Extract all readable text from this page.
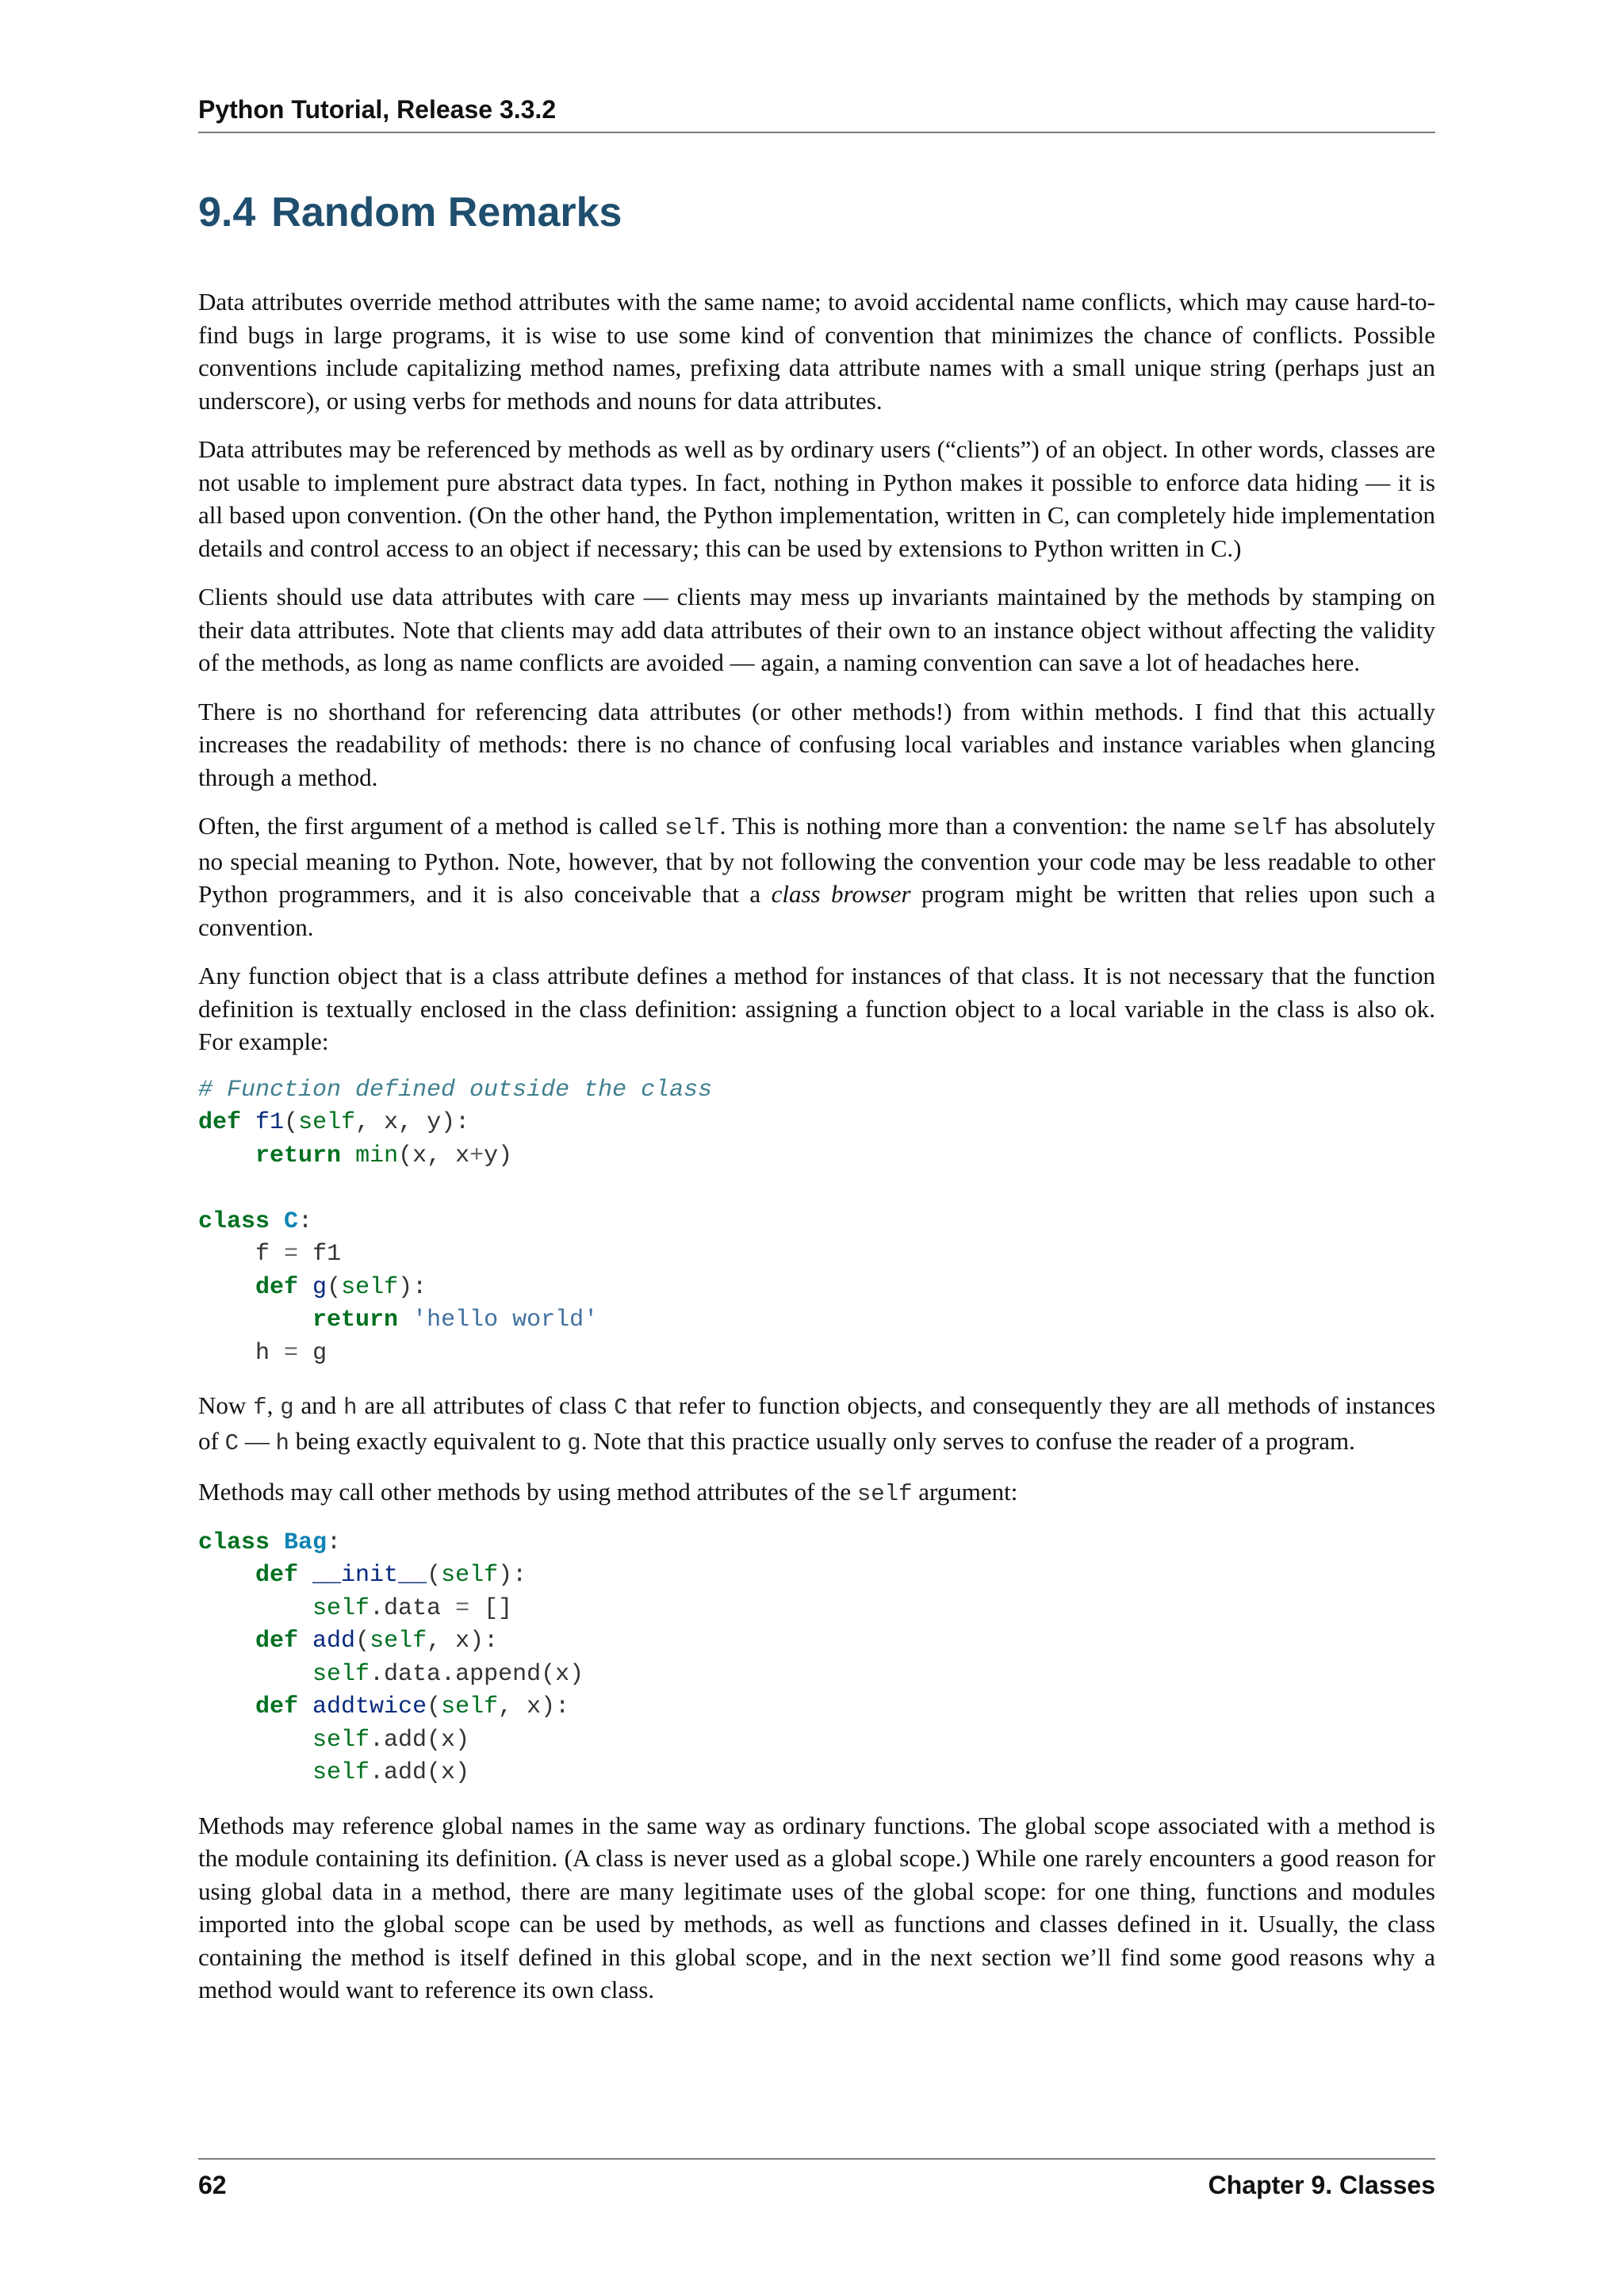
Python Tutorial, Release 3.3.2
9.4 Random Remarks

Data attributes override method attributes with the same name; to avoid accidental name conflicts, which may cause hard-to-find bugs in large programs, it is wise to use some kind of convention that minimizes the chance of conflicts. Possible conventions include capitalizing method names, prefixing data attribute names with a small unique string (perhaps just an underscore), or using verbs for methods and nouns for data attributes.

Data attributes may be referenced by methods as well as by ordinary users (“clients”) of an object. In other words, classes are not usable to implement pure abstract data types. In fact, nothing in Python makes it possible to enforce data hiding — it is all based upon convention. (On the other hand, the Python implementation, written in C, can completely hide implementation details and control access to an object if necessary; this can be used by extensions to Python written in C.)

Clients should use data attributes with care — clients may mess up invariants maintained by the methods by stamping on their data attributes. Note that clients may add data attributes of their own to an instance object without affecting the validity of the methods, as long as name conflicts are avoided — again, a naming convention can save a lot of headaches here.

There is no shorthand for referencing data attributes (or other methods!) from within methods. I find that this actually increases the readability of methods: there is no chance of confusing local variables and instance variables when glancing through a method.

Often, the first argument of a method is called self. This is nothing more than a convention: the name self has absolutely no special meaning to Python. Note, however, that by not following the convention your code may be less readable to other Python programmers, and it is also conceivable that a class browser program might be written that relies upon such a convention.

Any function object that is a class attribute defines a method for instances of that class. It is not necessary that the function definition is textually enclosed in the class definition: assigning a function object to a local variable in the class is also ok. For example:

# Function defined outside the class
def f1(self, x, y):
return min(x, x+y)

class C:
f = f1
def g(self):
return 'hello world'
h = g

Now f, g and h are all attributes of class C that refer to function objects, and consequently they are all methods of instances of C — h being exactly equivalent to g. Note that this practice usually only serves to confuse the reader of a program.

Methods may call other methods by using method attributes of the self argument:

class Bag:
def __init__(self):
self.data = []
def add(self, x):
self.data.append(x)
def addtwice(self, x):
self.add(x)
self.add(x)

Methods may reference global names in the same way as ordinary functions. The global scope associated with a method is the module containing its definition. (A class is never used as a global scope.) While one rarely encounters a good reason for using global data in a method, there are many legitimate uses of the global scope: for one thing, functions and modules imported into the global scope can be used by methods, as well as functions and classes defined in it. Usually, the class containing the method is itself defined in this global scope, and in the next section we’ll find some good reasons why a method would want to reference its own class.

62	Chapter 9. Classes
